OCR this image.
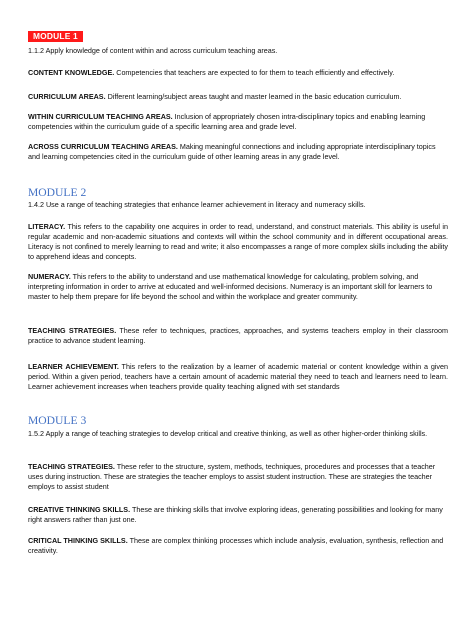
MODULE 1
1.1.2 Apply knowledge of content within and across curriculum teaching areas.
CONTENT KNOWLEDGE. Competencies that teachers are expected to for them to teach efficiently and effectively.
CURRICULUM AREAS. Different learning/subject areas taught and master learned in the basic education curriculum.
WITHIN CURRICULUM TEACHING AREAS. Inclusion of appropriately chosen intra-disciplinary topics and enabling learning competencies within the curriculum guide of a specific learning area and grade level.
ACROSS CURRICULUM TEACHING AREAS. Making meaningful connections and including appropriate interdisciplinary topics and learning competencies cited in the curriculum guide of other learning areas in any grade level.
MODULE 2
1.4.2 Use a range of teaching strategies that enhance learner achievement in literacy and numeracy skills.
LITERACY. This refers to the capability one acquires in order to read, understand, and construct materials. This ability is useful in regular academic and non-academic situations and contexts will within the school community and in different occupational areas. Literacy is not confined to merely learning to read and write; it also encompasses a range of more complex skills including the ability to apprehend ideas and concepts.
NUMERACY. This refers to the ability to understand and use mathematical knowledge for calculating, problem solving, and interpreting information in order to arrive at educated and well-informed decisions. Numeracy is an important skill for learners to master to help them prepare for life beyond the school and within the workplace and greater community.
TEACHING STRATEGIES. These refer to techniques, practices, approaches, and systems teachers employ in their classroom practice to advance student learning.
LEARNER ACHIEVEMENT. This refers to the realization by a learner of academic material or content knowledge within a given period. Within a given period, teachers have a certain amount of academic material they need to teach and learners need to learn. Learner achievement increases when teachers provide quality teaching aligned with set standards
MODULE 3
1.5.2 Apply a range of teaching strategies to develop critical and creative thinking, as well as other higher-order thinking skills.
TEACHING STRATEGIES. These refer to the structure, system, methods, techniques, procedures and processes that a teacher uses during instruction. These are strategies the teacher employs to assist student instruction. These are strategies the teacher employs to assist student
CREATIVE THINKING SKILLS. These are thinking skills that involve exploring ideas, generating possibilities and looking for many right answers rather than just one.
CRITICAL THINKING SKILLS. These are complex thinking processes which include analysis, evaluation, synthesis, reflection and creativity.
